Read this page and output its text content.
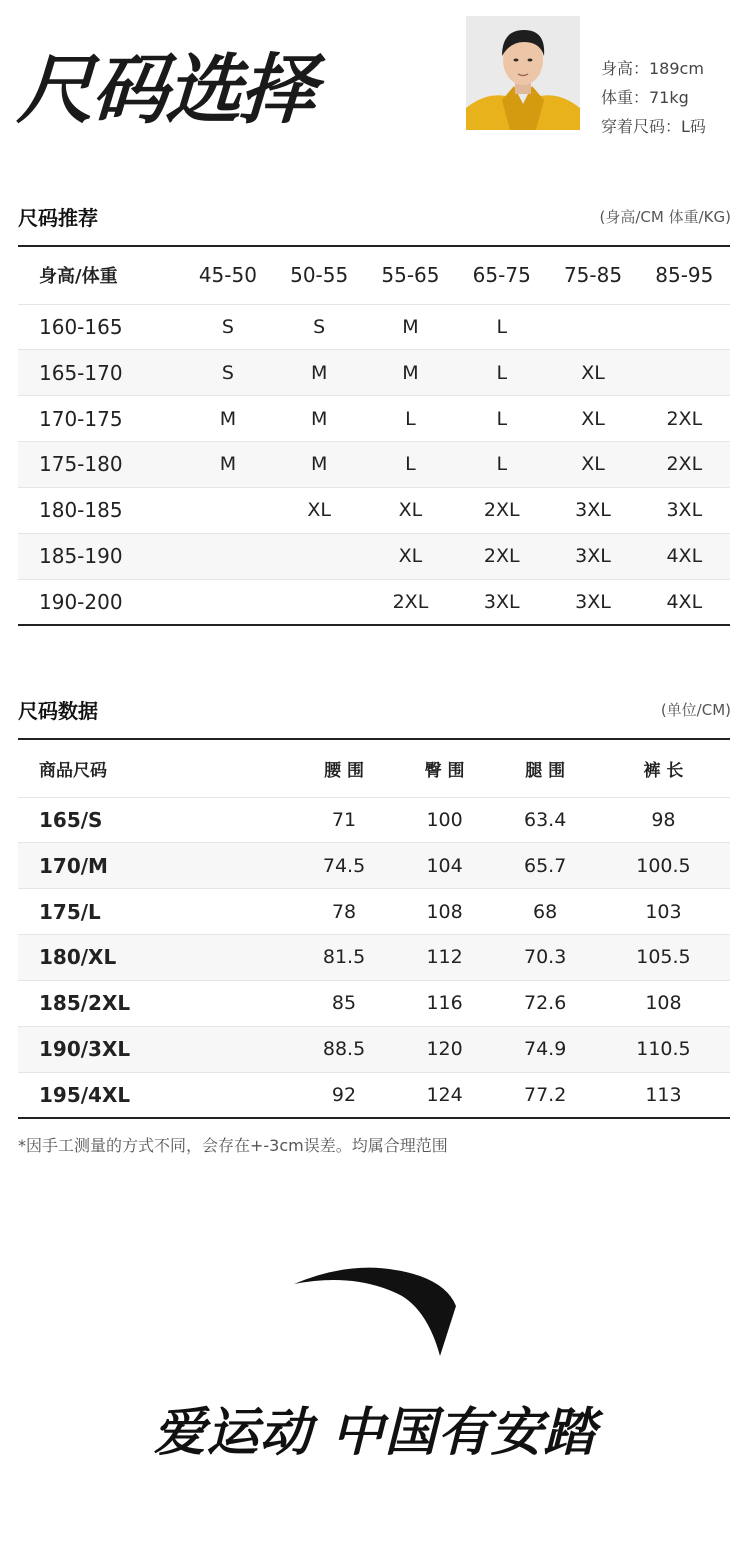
尺码选择	身高：189cm
体重：71kg
穿着尺码：L码
尺码推荐	(身高/CM 体重/KG)
身高/体重	45-50	50-55	55-65	65-75	75-85	85-95
160-165	S	S	M	L		
165-170	S	M	M	L	XL	
170-175	M	M	L	L	XL	2XL
175-180	M	M	L	L	XL	2XL
180-185		XL	XL	2XL	3XL	3XL
185-190			XL	2XL	3XL	4XL
190-200			2XL	3XL	3XL	4XL
尺码数据	(单位/CM)
商品尺码	腰 围	臀 围	腿 围	裤 长
165/S	71	100	63.4	98
170/M	74.5	104	65.7	100.5
175/L	78	108	68	103
180/XL	81.5	112	70.3	105.5
185/2XL	85	116	72.6	108
190/3XL	88.5	120	74.9	110.5
195/4XL	92	124	77.2	113
*因手工测量的方式不同，会存在+-3cm误差。均属合理范围
爱运动 中国有安踏
